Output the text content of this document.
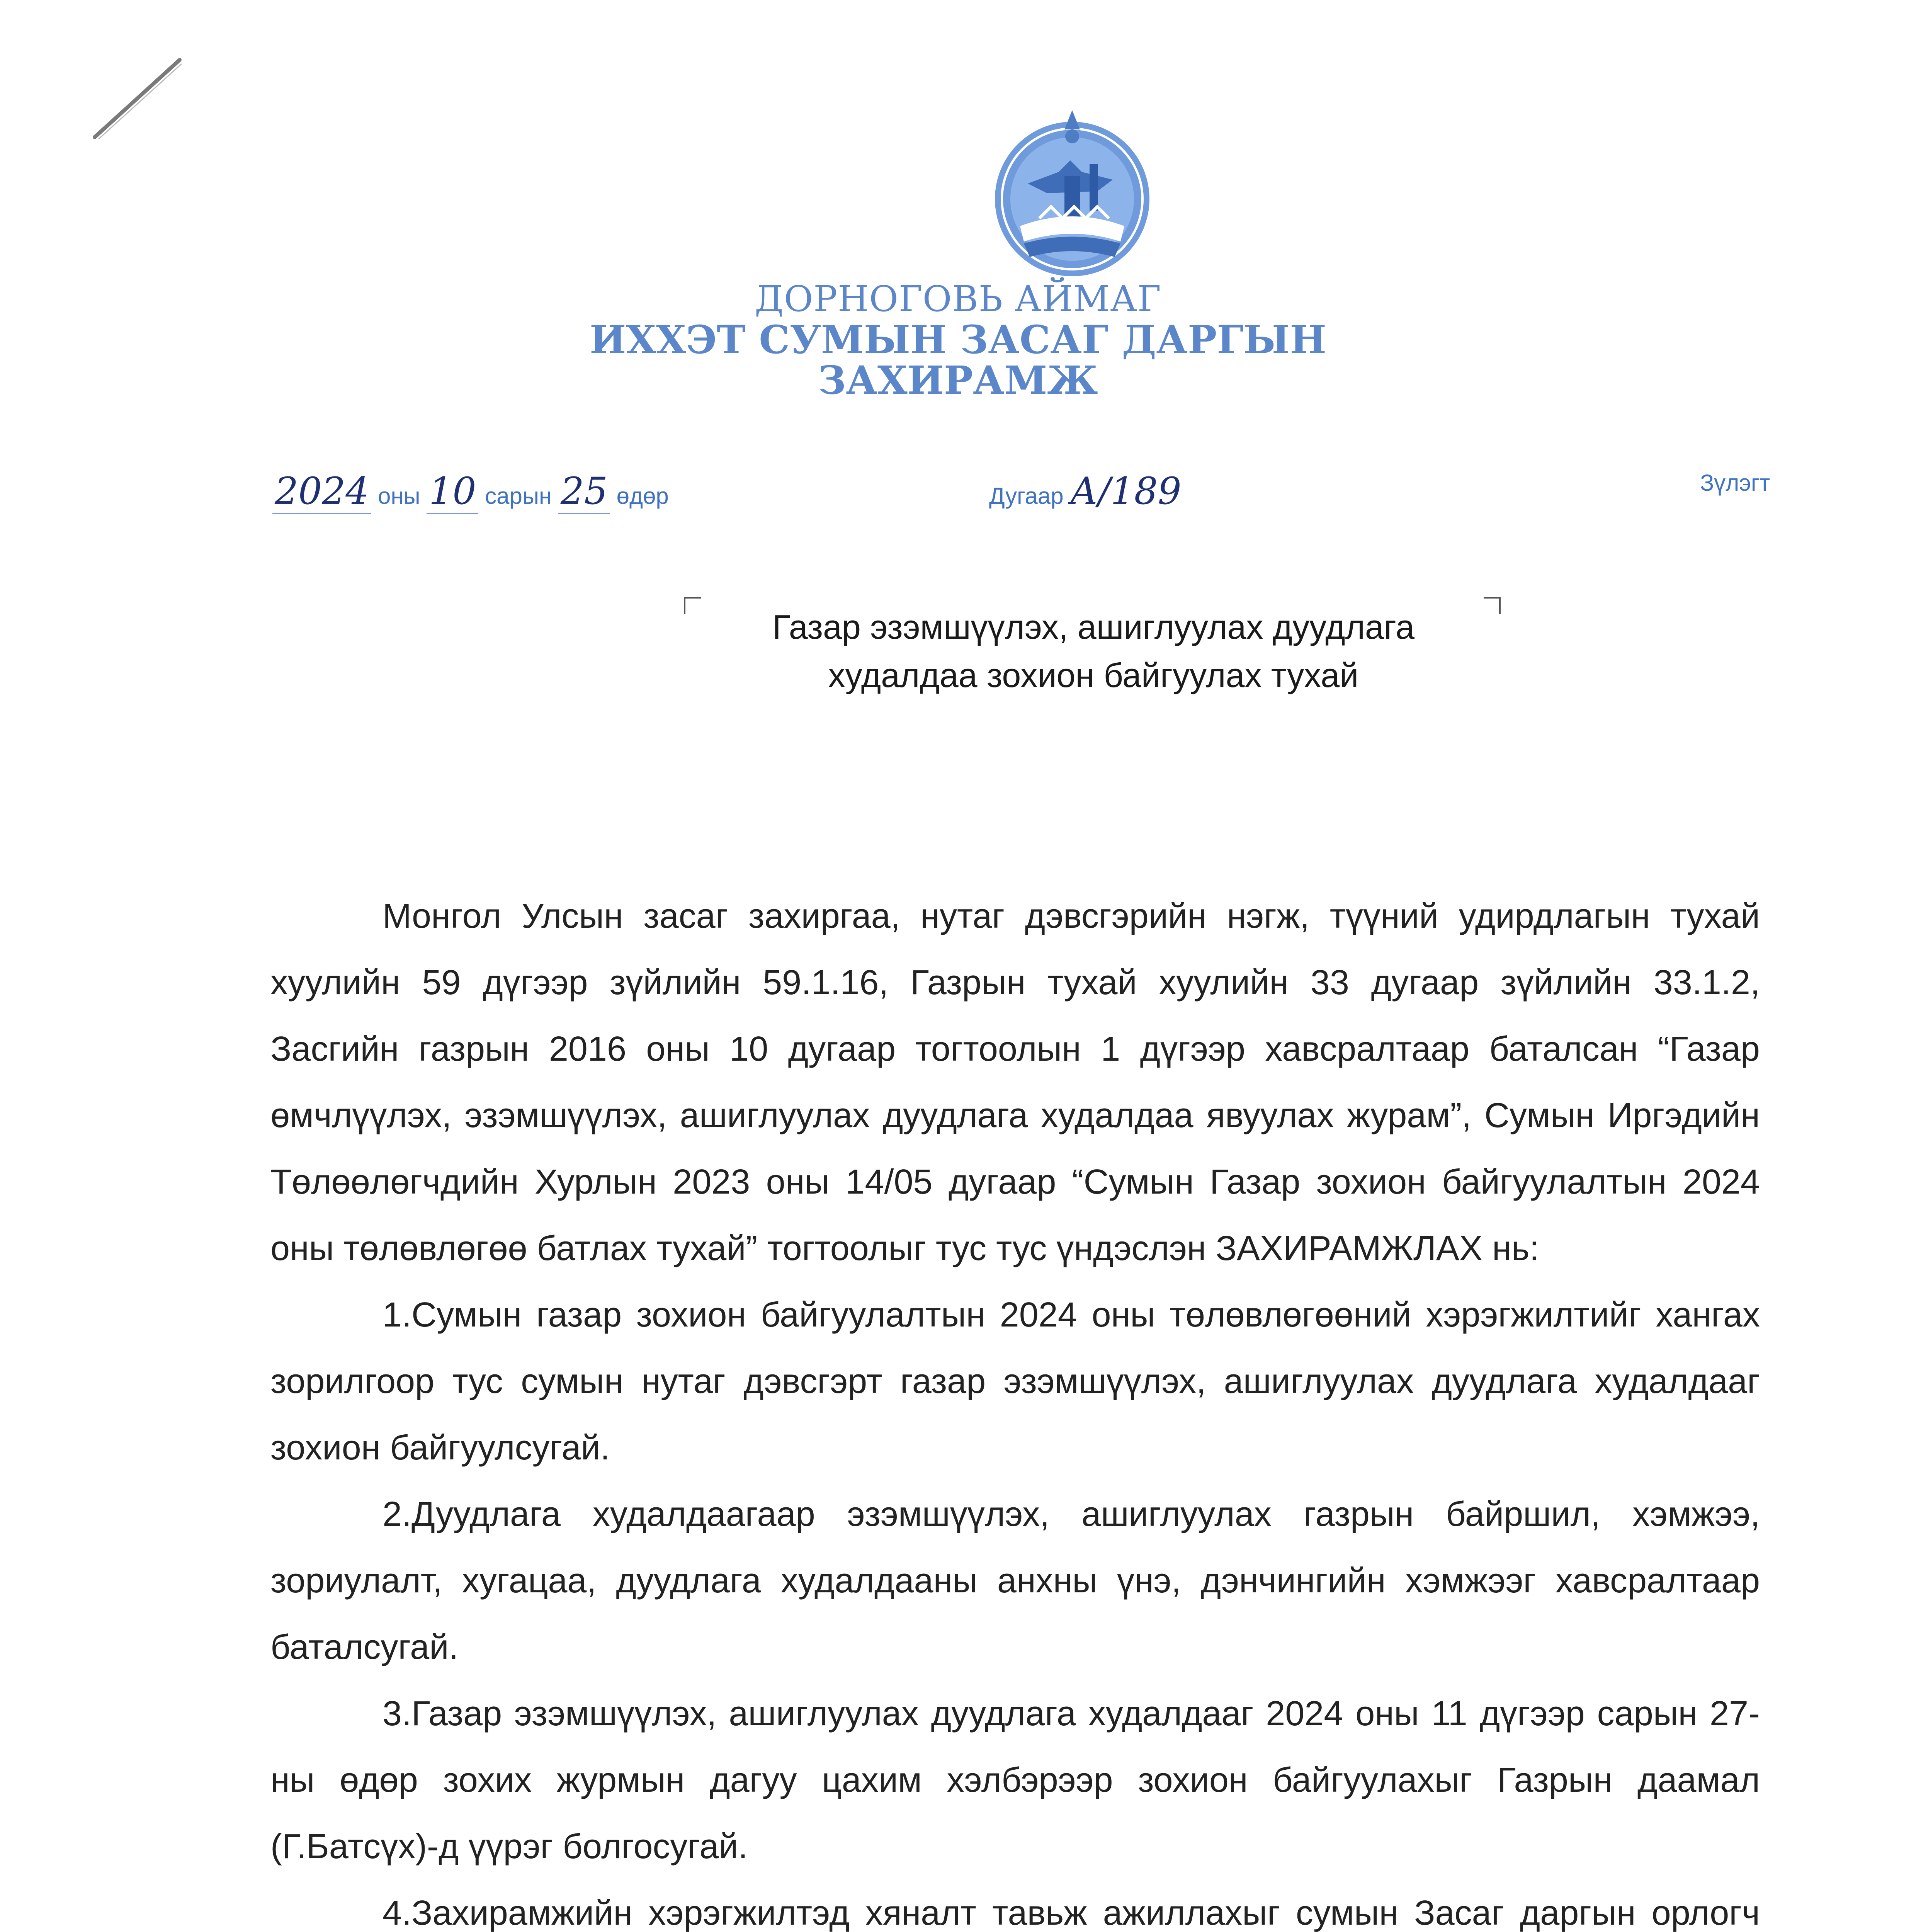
ДОРНОГОВЬ АЙМАГ
ИХХЭТ СУМЫН ЗАСАГ ДАРГЫН
ЗАХИРАМЖ
2024 оны 10 сарын 25 өдөр	Дугаар А/189	Зүлэгт
Газар эзэмшүүлэх, ашиглуулах дуудлага
худалдаа зохион байгуулах тухай

Монгол Улсын засаг захиргаа, нутаг дэвсгэрийн нэгж, түүний удирдлагын тухай хуулийн 59 дүгээр зүйлийн 59.1.16, Газрын тухай хуулийн 33 дугаар зүйлийн 33.1.2, Засгийн газрын 2016 оны 10 дугаар тогтоолын 1 дүгээр хавсралтаар баталсан “Газар өмчлүүлэх, эзэмшүүлэх, ашиглуулах дуудлага худалдаа явуулах журам”, Сумын Иргэдийн Төлөөлөгчдийн Хурлын 2023 оны 14/05 дугаар “Сумын Газар зохион байгуулалтын 2024 оны төлөвлөгөө батлах тухай” тогтоолыг тус тус үндэслэн ЗАХИРАМЖЛАХ нь:

1.Сумын газар зохион байгуулалтын 2024 оны төлөвлөгөөний хэрэгжилтийг хангах зорилгоор тус сумын нутаг дэвсгэрт газар эзэмшүүлэх, ашиглуулах дуудлага худалдааг зохион байгуулсугай.

2.Дуудлага худалдаагаар эзэмшүүлэх, ашиглуулах газрын байршил, хэмжээ, зориулалт, хугацаа, дуудлага худалдааны анхны үнэ, дэнчингийн хэмжээг хавсралтаар баталсугай.

3.Газар эзэмшүүлэх, ашиглуулах дуудлага худалдааг 2024 оны 11 дүгээр сарын 27-ны өдөр зохих журмын дагуу цахим хэлбэрээр зохион байгуулахыг Газрын даамал (Г.Батсүх)-д үүрэг болгосугай.

4.Захирамжийн хэрэгжилтэд хяналт тавьж ажиллахыг сумын Засаг даргын орлогч
